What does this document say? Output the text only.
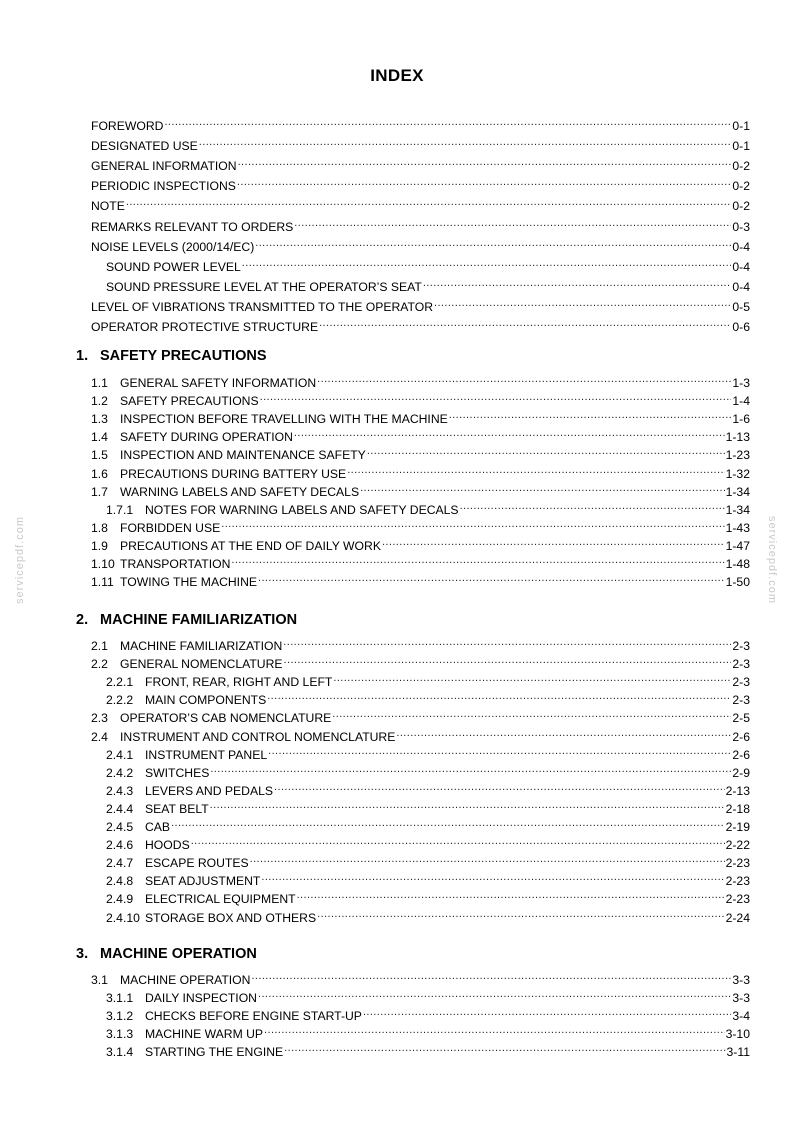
INDEX
servicepdf.com	servicepdf.com
FOREWORD .....	0-1
DESIGNATED USE .....	0-1
GENERAL INFORMATION .....	0-2
PERIODIC INSPECTIONS .....	0-2
NOTE .....	0-2
REMARKS RELEVANT TO ORDERS .....	0-3
NOISE LEVELS (2000/14/EC) .....	0-4
SOUND POWER LEVEL .....	0-4
SOUND PRESSURE LEVEL AT THE OPERATOR’S SEAT .....	0-4
LEVEL OF VIBRATIONS TRANSMITTED TO THE OPERATOR .....	0-5
OPERATOR PROTECTIVE STRUCTURE .....	0-6
1. SAFETY PRECAUTIONS
1.1 GENERAL SAFETY INFORMATION .....	1-3
1.2 SAFETY PRECAUTIONS .....	1-4
1.3 INSPECTION BEFORE TRAVELLING WITH THE MACHINE .....	1-6
1.4 SAFETY DURING OPERATION .....	1-13
1.5 INSPECTION AND MAINTENANCE SAFETY .....	1-23
1.6 PRECAUTIONS DURING BATTERY USE .....	1-32
1.7 WARNING LABELS AND SAFETY DECALS .....	1-34
1.7.1 NOTES FOR WARNING LABELS AND SAFETY DECALS .....	1-34
1.8 FORBIDDEN USE .....	1-43
1.9 PRECAUTIONS AT THE END OF DAILY WORK .....	1-47
1.10 TRANSPORTATION .....	1-48
1.11 TOWING THE MACHINE .....	1-50
2. MACHINE FAMILIARIZATION
2.1 MACHINE FAMILIARIZATION .....	2-3
2.2 GENERAL NOMENCLATURE .....	2-3
2.2.1 FRONT, REAR, RIGHT AND LEFT .....	2-3
2.2.2 MAIN COMPONENTS .....	2-3
2.3 OPERATOR’S CAB NOMENCLATURE .....	2-5
2.4 INSTRUMENT AND CONTROL NOMENCLATURE .....	2-6
2.4.1 INSTRUMENT PANEL .....	2-6
2.4.2 SWITCHES .....	2-9
2.4.3 LEVERS AND PEDALS .....	2-13
2.4.4 SEAT BELT .....	2-18
2.4.5 CAB .....	2-19
2.4.6 HOODS .....	2-22
2.4.7 ESCAPE ROUTES .....	2-23
2.4.8 SEAT ADJUSTMENT .....	2-23
2.4.9 ELECTRICAL EQUIPMENT .....	2-23
2.4.10 STORAGE BOX AND OTHERS .....	2-24
3. MACHINE OPERATION
3.1 MACHINE OPERATION .....	3-3
3.1.1 DAILY INSPECTION .....	3-3
3.1.2 CHECKS BEFORE ENGINE START-UP .....	3-4
3.1.3 MACHINE WARM UP .....	3-10
3.1.4 STARTING THE ENGINE .....	3-11
